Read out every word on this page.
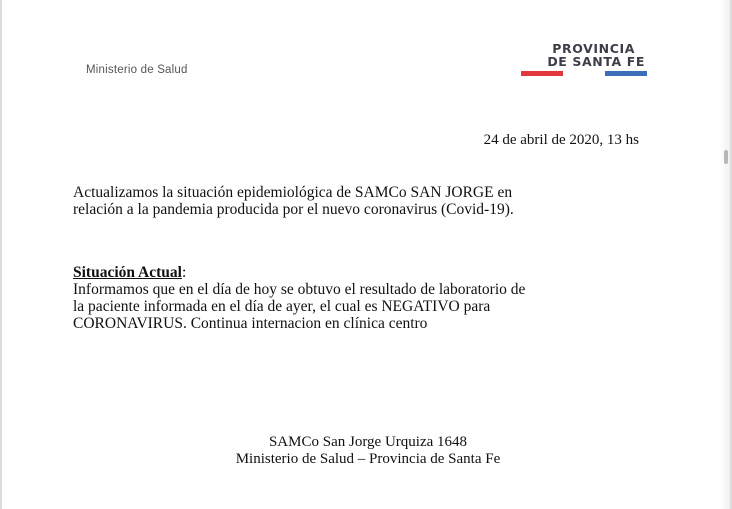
Ministerio de Salud
PROVINCIA
DE SANTA FE
24 de abril de 2020, 13 hs
Actualizamos la situación epidemiológica de SAMCo SAN JORGE en
relación a la pandemia producida por el nuevo coronavirus (Covid-19).
Situación Actual:
Informamos que en el día de hoy se obtuvo el resultado de laboratorio de
la paciente informada en el día de ayer, el cual es NEGATIVO para
CORONAVIRUS. Continua internacion en clínica centro
SAMCo San Jorge Urquiza 1648
Ministerio de Salud – Provincia de Santa Fe
